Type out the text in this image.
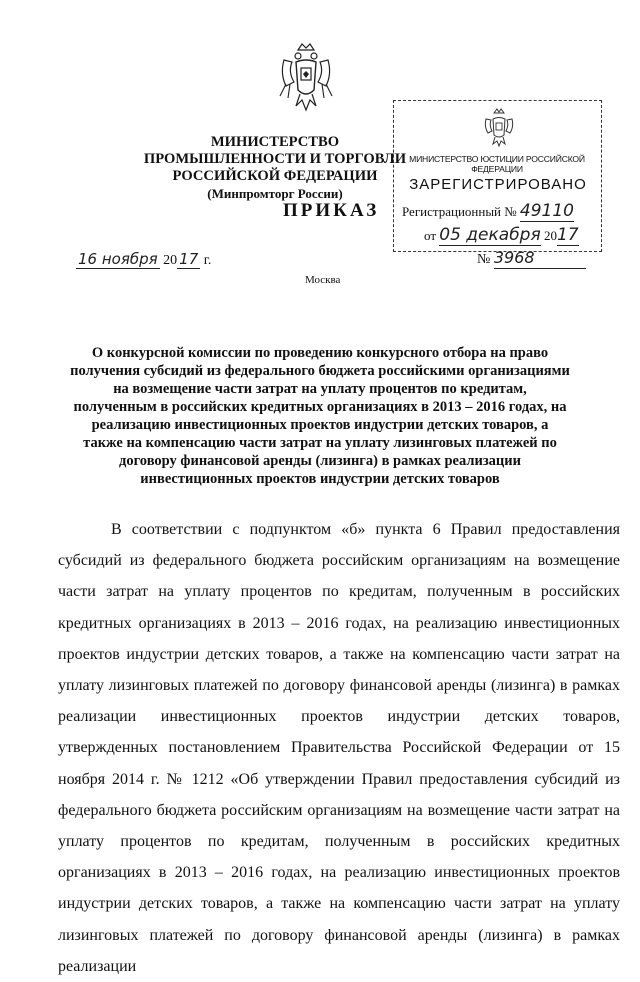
МИНИСТЕРСТВО ПРОМЫШЛЕННОСТИ И ТОРГОВЛИ
РОССИЙСКОЙ ФЕДЕРАЦИИ
(Минпромторг России)
ПРИКАЗ
16 ноября 20 17 г.	№ 3968
Москва
МИНИСТЕРСТВО ЮСТИЦИИ РОССИЙСКОЙ ФЕДЕРАЦИИ
ЗАРЕГИСТРИРОВАНО
Регистрационный № 49110
от 05 декабря 2017
О конкурсной комиссии по проведению конкурсного отбора на право получения субсидий из федерального бюджета российскими организациями на возмещение части затрат на уплату процентов по кредитам, полученным в российских кредитных организациях в 2013 – 2016 годах, на реализацию инвестиционных проектов индустрии детских товаров, а также на компенсацию части затрат на уплату лизинговых платежей по договору финансовой аренды (лизинга) в рамках реализации инвестиционных проектов индустрии детских товаров

В соответствии с подпунктом «б» пункта 6 Правил предоставления субсидий из федерального бюджета российским организациям на возмещение части затрат на уплату процентов по кредитам, полученным в российских кредитных организациях в 2013 – 2016 годах, на реализацию инвестиционных проектов индустрии детских товаров, а также на компенсацию части затрат на уплату лизинговых платежей по договору финансовой аренды (лизинга) в рамках реализации инвестиционных проектов индустрии детских товаров, утвержденных постановлением Правительства Российской Федерации от 15 ноября 2014 г. № 1212 «Об утверждении Правил предоставления субсидий из федерального бюджета российским организациям на возмещение части затрат на уплату процентов по кредитам, полученным в российских кредитных организациях в 2013 – 2016 годах, на реализацию инвестиционных проектов индустрии детских товаров, а также на компенсацию части затрат на уплату лизинговых платежей по договору финансовой аренды (лизинга) в рамках реализации
